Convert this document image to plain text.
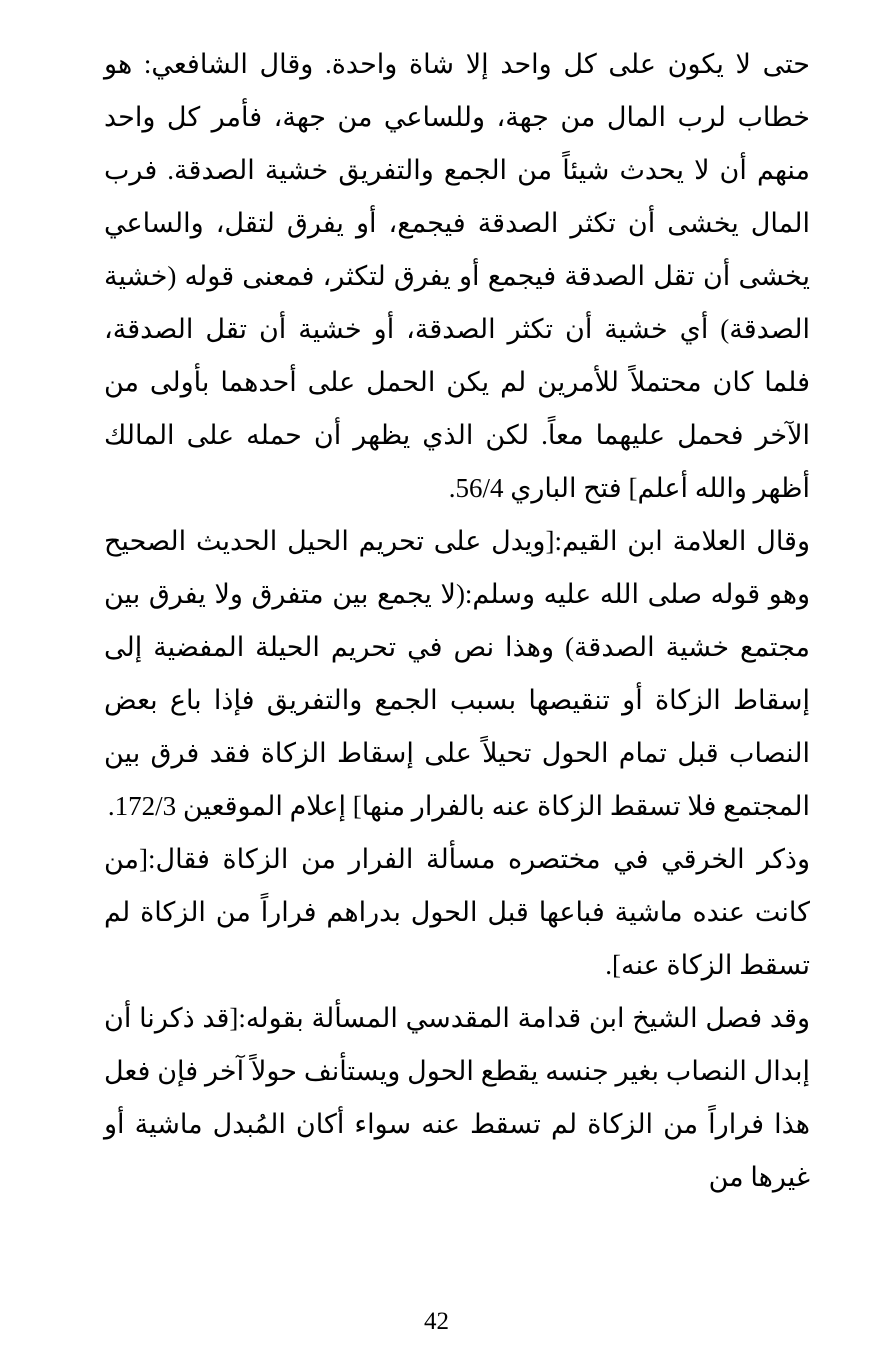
حتى لا يكون على كل واحد إلا شاة واحدة. وقال الشافعي: هو خطاب لرب المال من جهة، وللساعي من جهة، فأمر كل واحد منهم أن لا يحدث شيئاً من الجمع والتفريق خشية الصدقة. فرب المال يخشى أن تكثر الصدقة فيجمع، أو يفرق لتقل، والساعي يخشى أن تقل الصدقة فيجمع أو يفرق لتكثر، فمعنى قوله (خشية الصدقة) أي خشية أن تكثر الصدقة، أو خشية أن تقل الصدقة، فلما كان محتملاً للأمرين لم يكن الحمل على أحدهما بأولى من الآخر فحمل عليهما معاً. لكن الذي يظهر أن حمله على المالك أظهر والله أعلم] فتح الباري 56/4.

وقال العلامة ابن القيم:[ويدل على تحريم الحيل الحديث الصحيح وهو قوله صلى الله عليه وسلم:(لا يجمع بين متفرق ولا يفرق بين مجتمع خشية الصدقة) وهذا نص في تحريم الحيلة المفضية إلى إسقاط الزكاة أو تنقيصها بسبب الجمع والتفريق فإذا باع بعض النصاب قبل تمام الحول تحيلاً على إسقاط الزكاة فقد فرق بين المجتمع فلا تسقط الزكاة عنه بالفرار منها] إعلام الموقعين 172/3.

وذكر الخرقي في مختصره مسألة الفرار من الزكاة فقال:[من كانت عنده ماشية فباعها قبل الحول بدراهم فراراً من الزكاة لم تسقط الزكاة عنه].

وقد فصل الشيخ ابن قدامة المقدسي المسألة بقوله:[قد ذكرنا أن إبدال النصاب بغير جنسه يقطع الحول ويستأنف حولاً آخر فإن فعل هذا فراراً من الزكاة لم تسقط عنه سواء أكان المُبدل ماشية أو غيرها من

42
